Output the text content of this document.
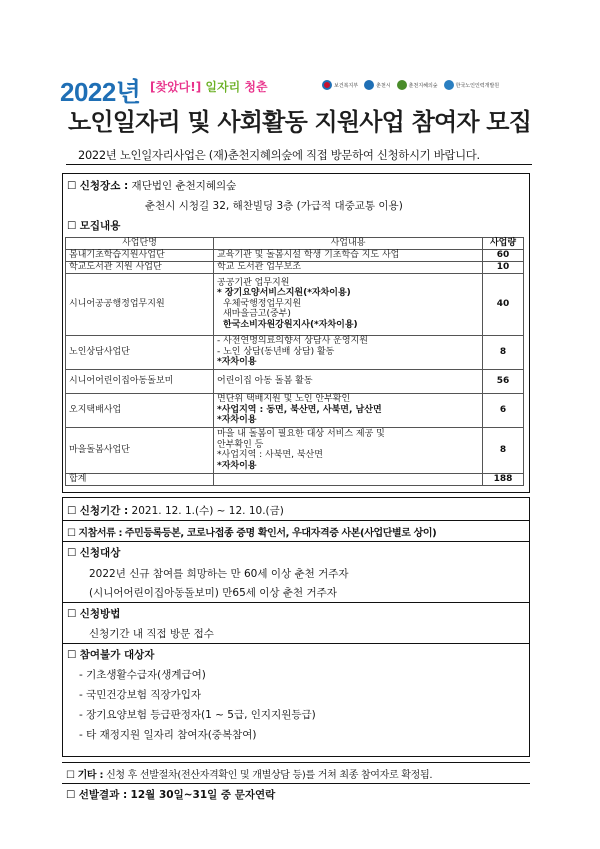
2022년 [찾았다!] 일자리 청춘	보건복지부	춘천시	춘천지혜의숲	한국노인인력개발원
노인일자리 및 사회활동 지원사업 참여자 모집
2022년 노인일자리사업은 (재)춘천지혜의숲에 직접 방문하여 신청하시기 바랍니다.
☐ 신청장소 : 재단법인 춘천지혜의숲
춘천시 시청길 32, 해찬빌딩 3층 (가급적 대중교통 이용)
☐ 모집내용
사업단명	사업내용	사업량
봄내기초학습지원사업단	교육기관 및 돌봄시설 학생 기초학습 지도 사업	60
학교도서관 지원 사업단	학교 도서관 업무보조	10
시니어공공행정업무지원	공공기관 업무지원
* 장기요양서비스지원(*자차이용)
우체국행정업무지원
새마을금고(중부)
한국소비자원강원지사(*자차이용)	40
노인상담사업단	- 사전연명의료의향서 상담사 운영지원
- 노인 상담(동년배 상담) 활동
*자차이용	8
시니어어린이집아동돌보미	어린이집 아동 돌봄 활동	56
오지택배사업	면단위 택배지원 및 노인 안부확인
*사업지역 : 동면, 북산면, 사북면, 남산면
*자차이용	6
마을돌봄사업단	마을 내 돌봄이 필요한 대상 서비스 제공 및
안부확인 등
*사업지역 : 사북면, 북산면
*자차이용	8
합계		188
☐ 신청기간 : 2021. 12. 1.(수) ~ 12. 10.(금)
☐ 지참서류 : 주민등록등본, 코로나접종 증명 확인서, 우대자격증 사본(사업단별로 상이)
☐ 신청대상
2022년 신규 참여를 희망하는 만 60세 이상 춘천 거주자
(시니어어린이집아동돌보미) 만65세 이상 춘천 거주자
☐ 신청방법
신청기간 내 직접 방문 접수
☐ 참여불가 대상자
- 기초생활수급자(생계급여)
- 국민건강보험 직장가입자
- 장기요양보험 등급판정자(1 ~ 5급, 인지지원등급)
- 타 재정지원 일자리 참여자(중복참여)
☐ 기타 : 신청 후 선발절차(전산자격확인 및 개별상담 등)를 거쳐 최종 참여자로 확정됨.
☐ 선발결과 : 12월 30일~31일 중 문자연락
